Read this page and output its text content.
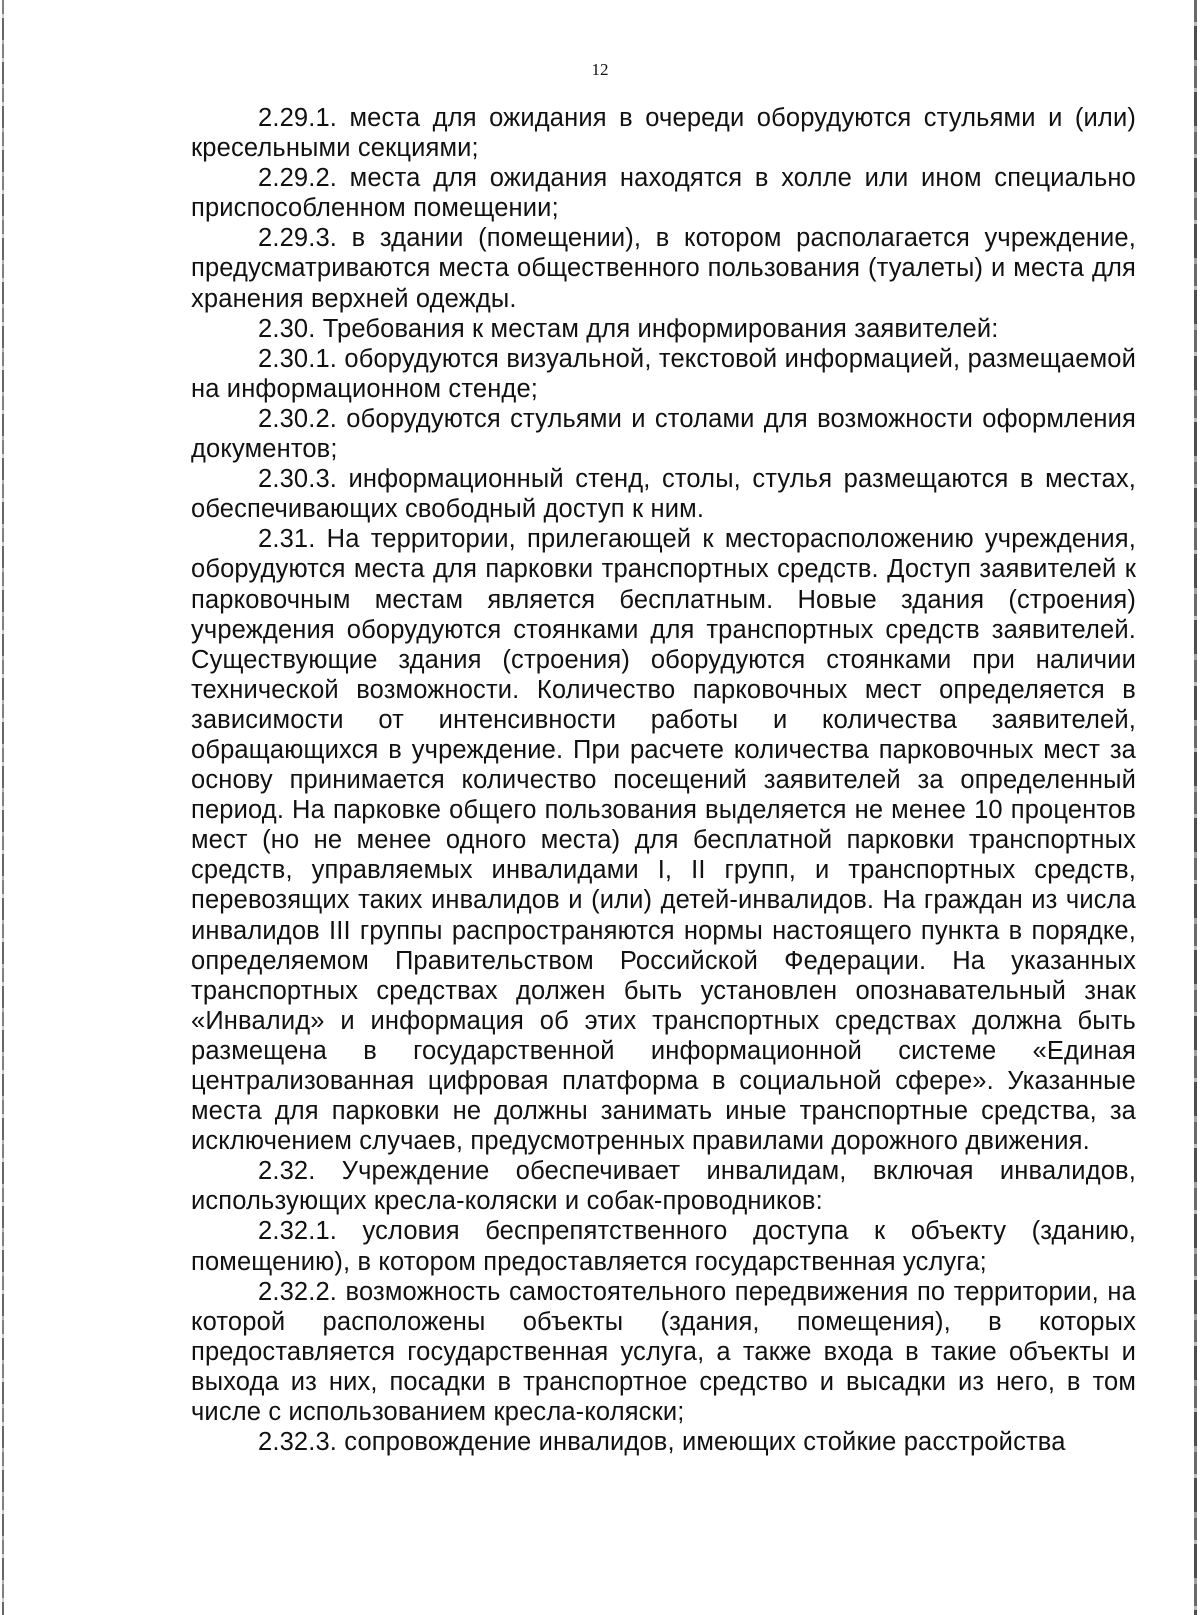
12

2.29.1. места для ожидания в очереди оборудуются стульями и (или) кресельными секциями;

2.29.2. места для ожидания находятся в холле или ином специально приспособленном помещении;

2.29.3. в здании (помещении), в котором располагается учреждение, предусматриваются места общественного пользования (туалеты) и места для хранения верхней одежды.

2.30. Требования к местам для информирования заявителей:

2.30.1. оборудуются визуальной, текстовой информацией, размещаемой на информационном стенде;

2.30.2. оборудуются стульями и столами для возможности оформления документов;

2.30.3. информационный стенд, столы, стулья размещаются в местах, обеспечивающих свободный доступ к ним.

2.31. На территории, прилегающей к месторасположению учреждения, оборудуются места для парковки транспортных средств. Доступ заявителей к парковочным местам является бесплатным. Новые здания (строения) учреждения оборудуются стоянками для транспортных средств заявителей. Существующие здания (строения) оборудуются стоянками при наличии технической возможности. Количество парковочных мест определяется в зависимости от интенсивности работы и количества заявителей, обращающихся в учреждение. При расчете количества парковочных мест за основу принимается количество посещений заявителей за определенный период. На парковке общего пользования выделяется не менее 10 процентов мест (но не менее одного места) для бесплатной парковки транспортных средств, управляемых инвалидами I, II групп, и транспортных средств, перевозящих таких инвалидов и (или) детей-инвалидов. На граждан из числа инвалидов III группы распространяются нормы настоящего пункта в порядке, определяемом Правительством Российской Федерации. На указанных транспортных средствах должен быть установлен опознавательный знак «Инвалид» и информация об этих транспортных средствах должна быть размещена в государственной информационной системе «Единая централизованная цифровая платформа в социальной сфере». Указанные места для парковки не должны занимать иные транспортные средства, за исключением случаев, предусмотренных правилами дорожного движения.

2.32. Учреждение обеспечивает инвалидам, включая инвалидов, использующих кресла-коляски и собак-проводников:

2.32.1. условия беспрепятственного доступа к объекту (зданию, помещению), в котором предоставляется государственная услуга;

2.32.2. возможность самостоятельного передвижения по территории, на которой расположены объекты (здания, помещения), в которых предоставляется государственная услуга, а также входа в такие объекты и выхода из них, посадки в транспортное средство и высадки из него, в том числе с использованием кресла-коляски;

2.32.3. сопровождение инвалидов, имеющих стойкие расстройства
